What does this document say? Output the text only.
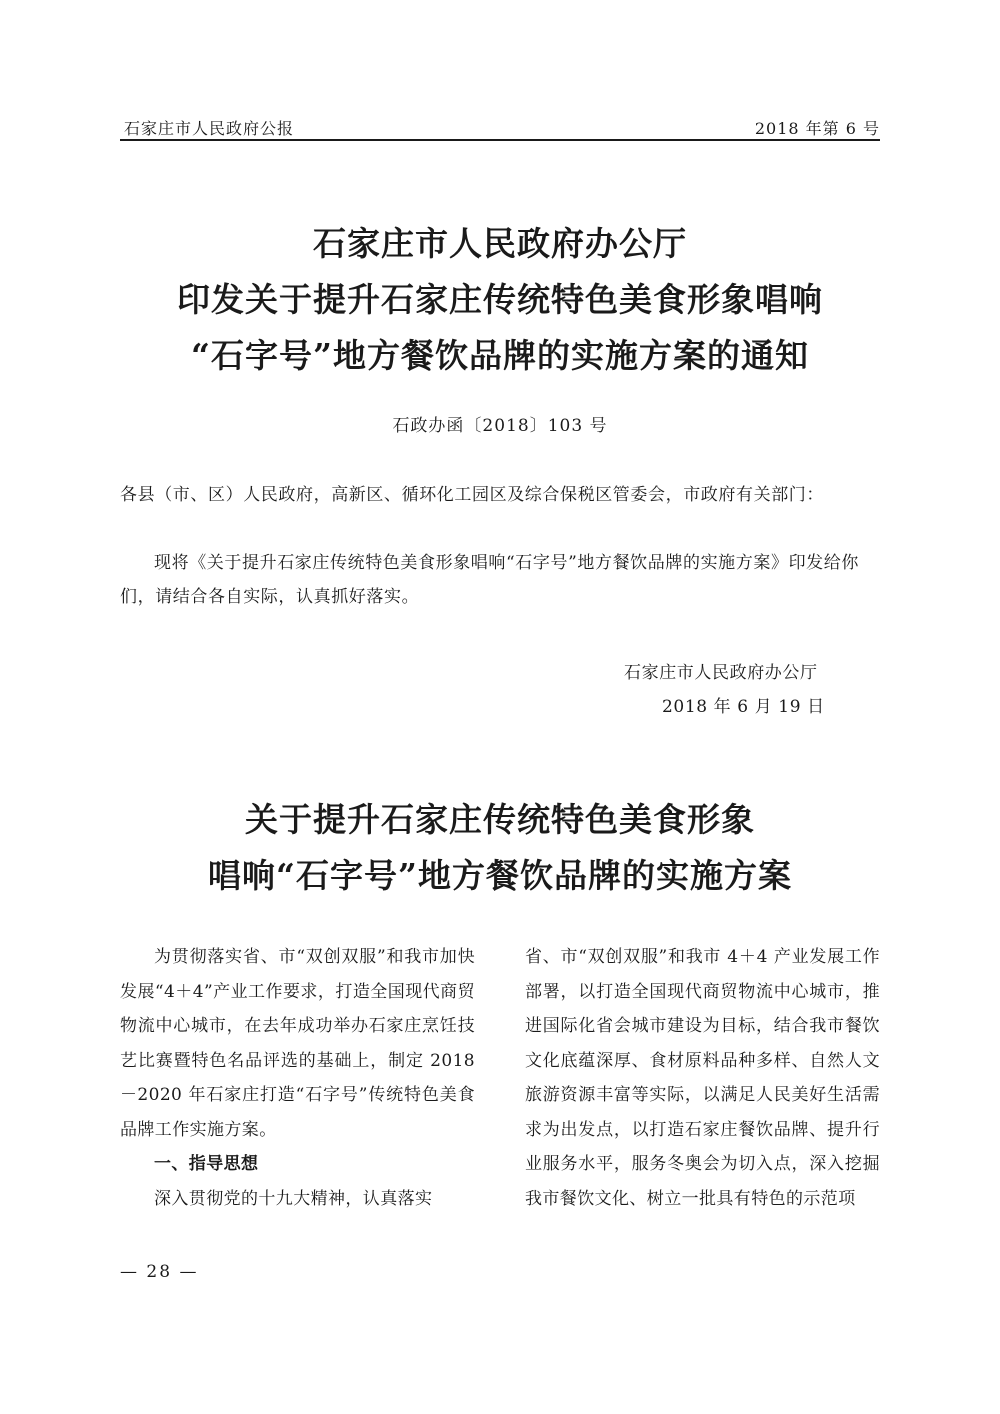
石家庄市人民政府公报	2018 年第 6 号
石家庄市人民政府办公厅
印发关于提升石家庄传统特色美食形象唱响
“石字号”地方餐饮品牌的实施方案的通知
石政办函〔2018〕103 号

各县（市、区）人民政府，高新区、循环化工园区及综合保税区管委会，市政府有关部门：

现将《关于提升石家庄传统特色美食形象唱响“石字号”地方餐饮品牌的实施方案》印发给你们，请结合各自实际，认真抓好落实。

石家庄市人民政府办公厅
2018 年 6 月 19 日
关于提升石家庄传统特色美食形象
唱响“石字号”地方餐饮品牌的实施方案

为贯彻落实省、市“双创双服”和我市加快发展“4＋4”产业工作要求，打造全国现代商贸物流中心城市，在去年成功举办石家庄烹饪技艺比赛暨特色名品评选的基础上，制定 2018－2020 年石家庄打造“石字号”传统特色美食品牌工作实施方案。

一、指导思想

深入贯彻党的十九大精神，认真落实

省、市“双创双服”和我市 4＋4 产业发展工作部署，以打造全国现代商贸物流中心城市，推进国际化省会城市建设为目标，结合我市餐饮文化底蕴深厚、食材原料品种多样、自然人文旅游资源丰富等实际，以满足人民美好生活需求为出发点，以打造石家庄餐饮品牌、提升行业服务水平，服务冬奥会为切入点，深入挖掘我市餐饮文化、树立一批具有特色的示范项

— 28 —
